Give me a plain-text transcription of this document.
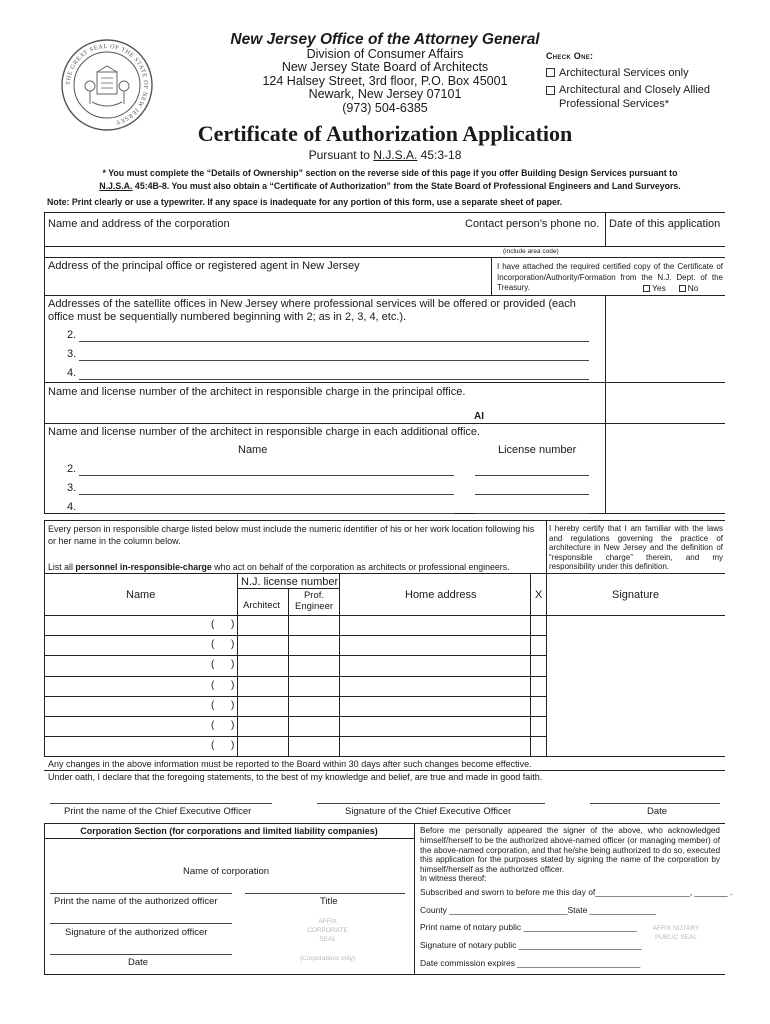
THE GREAT SEAL OF THE STATE OF NEW JERSEY
New Jersey Office of the Attorney General
Division of Consumer Affairs
New Jersey State Board of Architects
124 Halsey Street, 3rd floor, P.O. Box 45001
Newark, New Jersey 07101
(973) 504-6385
Check One:
Architectural Services only
Architectural and Closely Allied Professional Services*
Certificate of Authorization Application
Pursuant to N.J.S.A. 45:3-18
* You must complete the “Details of Ownership” section on the reverse side of this page if you offer Building Design Services pursuant to
N.J.S.A. 45:4B-8. You must also obtain a “Certificate of Authorization” from the State Board of Professional Engineers and Land Surveyors.
Note: Print clearly or use a typewriter. If any space is inadequate for any portion of this form, use a separate sheet of paper.
Name and address of the corporation	Contact person’s phone no. Date of this application
(include area code)
Address of the principal office or registered agent in New Jersey	I have attached the required certified copy of the Certificate of Incorporation/Authority/Formation from the N.J. Dept. of the Treasury.	Yes	No
Addresses of the satellite offices in New Jersey where professional services will be offered or provided (each office must be sequentially numbered beginning with 2; as in 2, 3, 4, etc.).
2.
3.
4.
Name and license number of the architect in responsible charge in the principal office.
AI
Name and license number of the architect in responsible charge in each additional office.
Name	License number
2.
3.
4.
Every person in responsible charge listed below must include the numeric identifier of his or her work location following his or her name in the column below.
List all personnel in-responsible-charge who act on behalf of the corporation as architects or professional engineers.
I hereby certify that I am familiar with the laws and regulations governing the practice of architecture in New Jersey and the definition of “responsible charge” therein, and my responsibility under this definition.
Name
N.J. license number
Architect
Prof. Engineer
Home address	X	Signature
( )
( )
( )
( )
( )
( )
( )
Any changes in the above information must be reported to the Board within 30 days after such changes become effective.
Under oath, I declare that the foregoing statements, to the best of my knowledge and belief, are true and made in good faith.
Print the name of the Chief Executive Officer	Signature of the Chief Executive Officer	Date
Corporation Section (for corporations and limited liability companies)
Name of corporation
Print the name of the authorized officer	Title
Signature of the authorized officer
Date
AFFIX CORPORATE SEAL
(Corporations only)
Before me personally appeared the signer of the above, who acknowledged himself/herself to be the authorized above-named officer (or managing member) of the above-named corporation, and that he/she being authorized to do so, executed this application for the purposes stated by signing the name of the corporation by himself/herself as the authorized officer.
In witness thereof:
Subscribed and sworn to before me this day of____________________, _______ .
County _________________________State ______________
Print name of notary public ________________________
Signature of notary public __________________________
Date commission expires __________________________
AFFIX NOTARY PUBLIC SEAL
